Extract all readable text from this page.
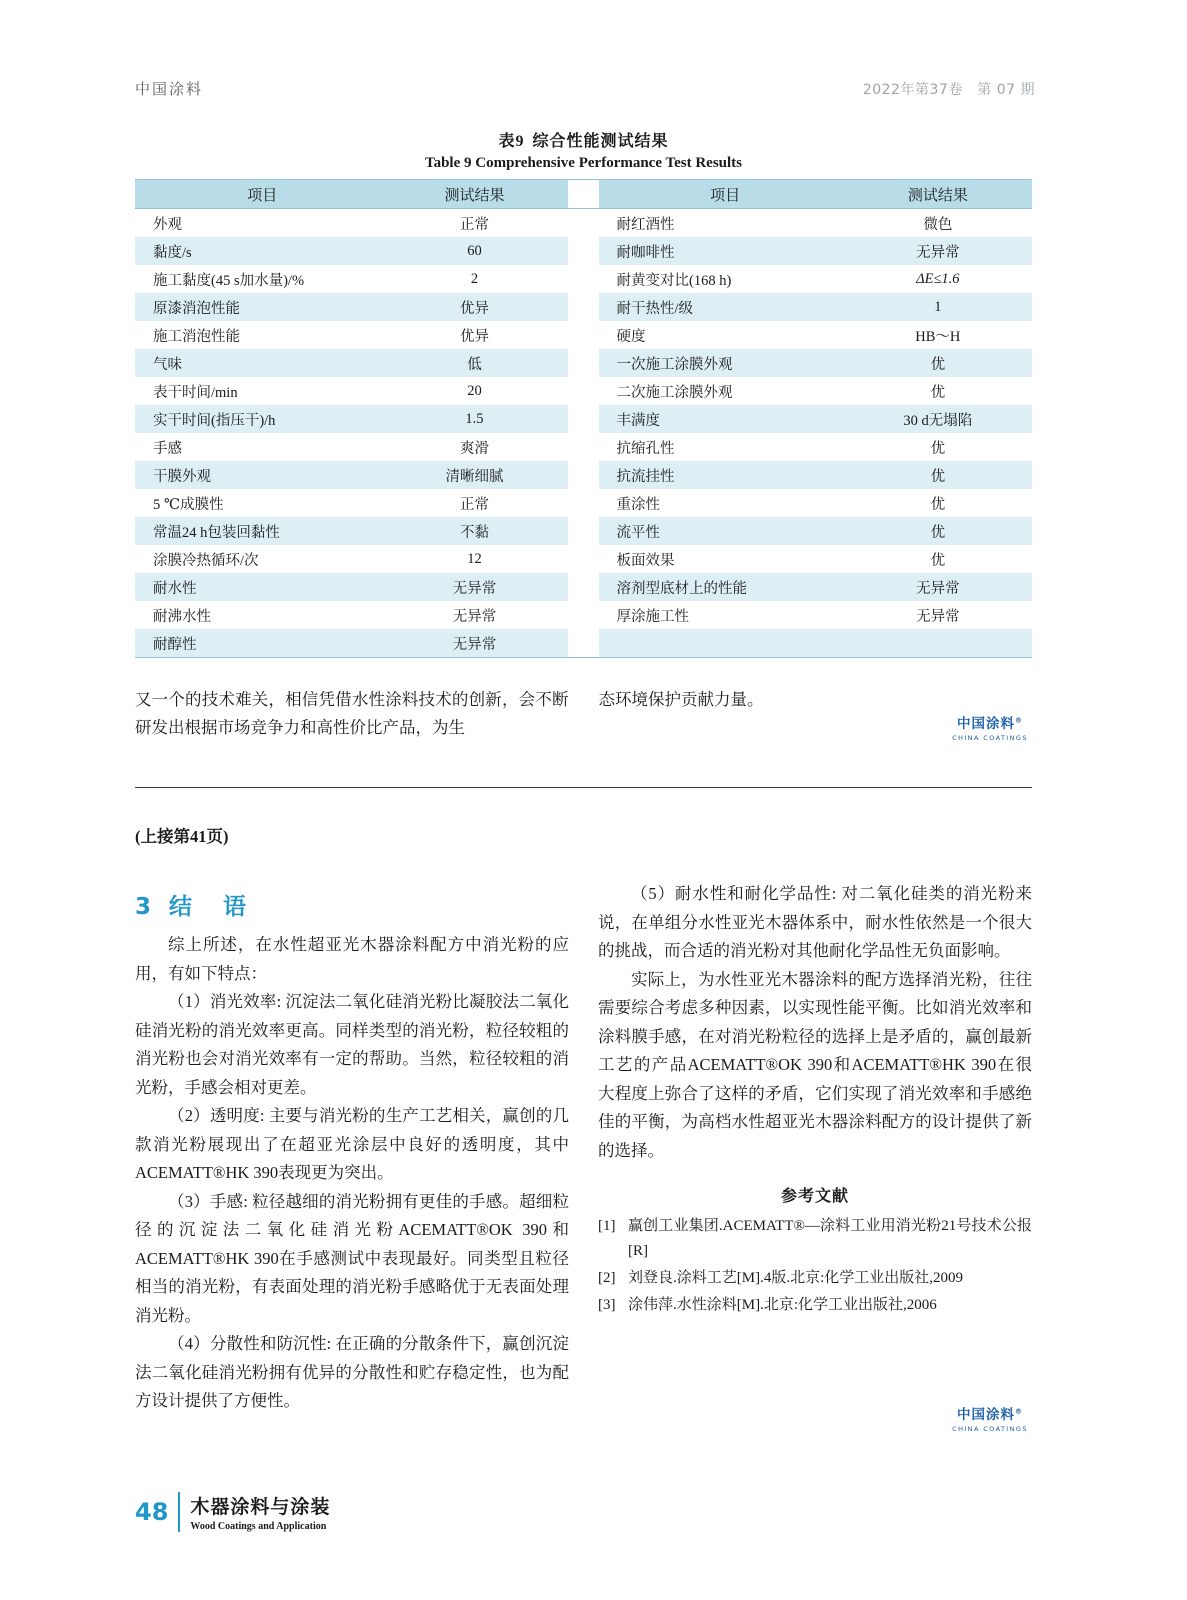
中国涂料	2022年第37卷　第 07 期
表9 综合性能测试结果
Table 9 Comprehensive Performance Test Results
项目	测试结果		项目	测试结果
外观	正常		耐红酒性	微色
黏度/s	60		耐咖啡性	无异常
施工黏度(45 s加水量)/%	2		耐黄变对比(168 h)	ΔE≤1.6
原漆消泡性能	优异		耐干热性/级	1
施工消泡性能	优异		硬度	HB～H
气味	低		一次施工涂膜外观	优
表干时间/min	20		二次施工涂膜外观	优
实干时间(指压干)/h	1.5		丰满度	30 d无塌陷
手感	爽滑		抗缩孔性	优
干膜外观	清晰细腻		抗流挂性	优
5 ℃成膜性	正常		重涂性	优
常温24 h包装回黏性	不黏		流平性	优
涂膜冷热循环/次	12		板面效果	优
耐水性	无异常		溶剂型底材上的性能	无异常
耐沸水性	无异常		厚涂施工性	无异常
耐醇性	无异常			

又一个的技术难关，相信凭借水性涂料技术的创新，会不断研发出根据市场竞争力和高性价比产品，为生

态环境保护贡献力量。

中国涂料®
CHINA COATINGS
(上接第41页)
3 结　语

综上所述，在水性超亚光木器涂料配方中消光粉的应用，有如下特点：

（1）消光效率: 沉淀法二氧化硅消光粉比凝胶法二氧化硅消光粉的消光效率更高。同样类型的消光粉，粒径较粗的消光粉也会对消光效率有一定的帮助。当然，粒径较粗的消光粉，手感会相对更差。

（2）透明度: 主要与消光粉的生产工艺相关，赢创的几款消光粉展现出了在超亚光涂层中良好的透明度，其中ACEMATT®HK 390表现更为突出。

（3）手感: 粒径越细的消光粉拥有更佳的手感。超细粒径的沉淀法二氧化硅消光粉ACEMATT®OK 390和ACEMATT®HK 390在手感测试中表现最好。同类型且粒径相当的消光粉，有表面处理的消光粉手感略优于无表面处理消光粉。

（4）分散性和防沉性: 在正确的分散条件下，赢创沉淀法二氧化硅消光粉拥有优异的分散性和贮存稳定性，也为配方设计提供了方便性。

（5）耐水性和耐化学品性: 对二氧化硅类的消光粉来说，在单组分水性亚光木器体系中，耐水性依然是一个很大的挑战，而合适的消光粉对其他耐化学品性无负面影响。

实际上，为水性亚光木器涂料的配方选择消光粉，往往需要综合考虑多种因素，以实现性能平衡。比如消光效率和涂料膜手感，在对消光粉粒径的选择上是矛盾的，赢创最新工艺的产品ACEMATT®OK 390和ACEMATT®HK 390在很大程度上弥合了这样的矛盾，它们实现了消光效率和手感绝佳的平衡，为高档水性超亚光木器涂料配方的设计提供了新的选择。

参考文献
[1] 赢创工业集团.ACEMATT®—涂料工业用消光粉21号技术公报[R]
[2] 刘登良.涂料工艺[M].4版.北京:化学工业出版社,2009
[3] 涂伟萍.水性涂料[M].北京:化学工业出版社,2006
中国涂料®
CHINA COATINGS
48 木器涂料与涂装
Wood Coatings and Application
